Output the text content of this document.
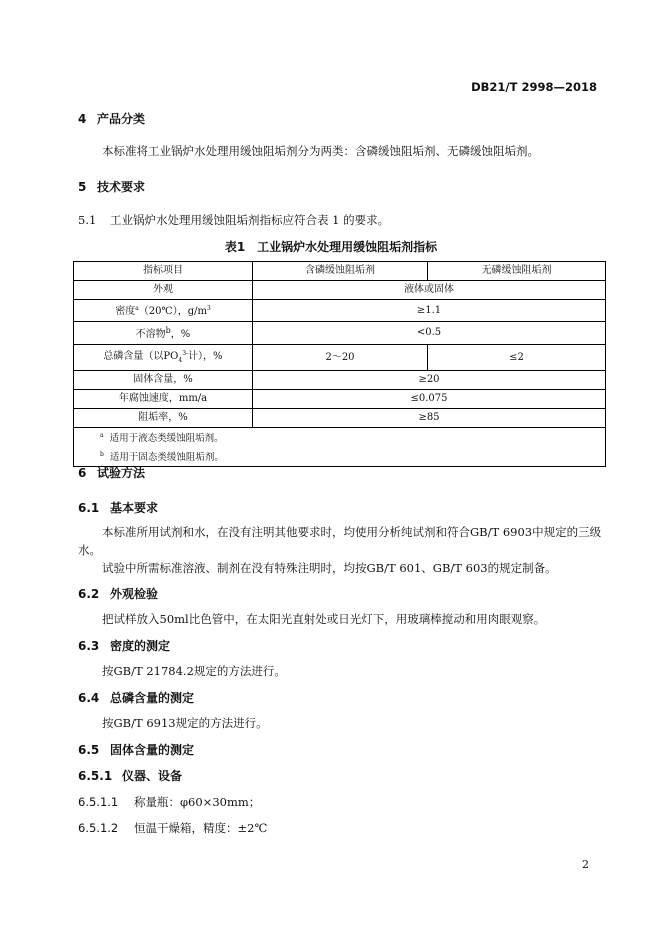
DB21/T 2998—2018
4 产品分类
本标准将工业锅炉水处理用缓蚀阻垢剂分为两类：含磷缓蚀阻垢剂、无磷缓蚀阻垢剂。
5 技术要求
5.1 工业锅炉水处理用缓蚀阻垢剂指标应符合表 1 的要求。
表1　工业锅炉水处理用缓蚀阻垢剂指标
指标项目	含磷缓蚀阻垢剂	无磷缓蚀阻垢剂
外观	液体或固体	
密度$^a$（20℃），$g/m^3$	≥1.1	
不溶物$^b$，%	<0.5	
总磷含量（以$PO_4^{3-}$计），%	2～20	≤2
固体含量，%	≥20	
年腐蚀速度，mm/a	≤0.075	
阻垢率，%	≥85	
$^a$ 适用于液态类缓蚀阻垢剂。		
$^b$ 适用于固态类缓蚀阻垢剂。		
6 试验方法
6.1 基本要求
本标准所用试剂和水，在没有注明其他要求时，均使用分析纯试剂和符合GB/T 6903中规定的三级
水。
试验中所需标准溶液、制剂在没有特殊注明时，均按GB/T 601、GB/T 603的规定制备。
6.2 外观检验
把试样放入50ml比色管中，在太阳光直射处或日光灯下，用玻璃棒搅动和用肉眼观察。
6.3 密度的测定
按GB/T 21784.2规定的方法进行。
6.4 总磷含量的测定
按GB/T 6913规定的方法进行。
6.5 固体含量的测定
6.5.1 仪器、设备
6.5.1.1 称量瓶：φ60×30mm；
6.5.1.2 恒温干燥箱，精度：±2℃
2
